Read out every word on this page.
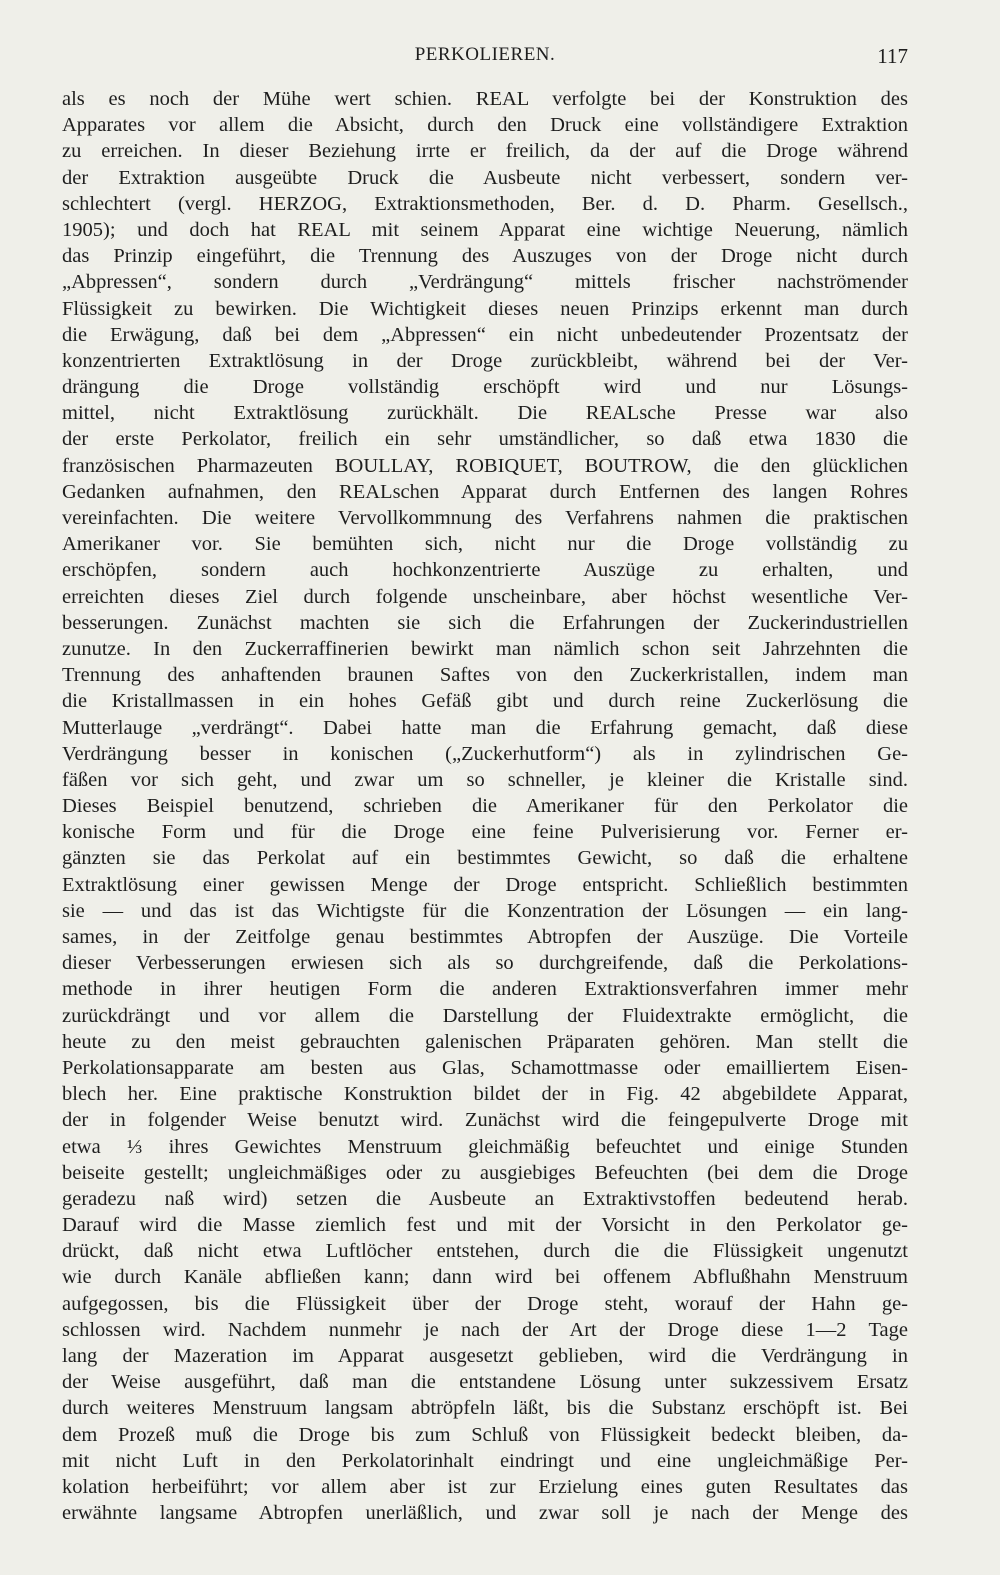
PERKOLIEREN.	117
als es noch der Mühe wert schien. REAL verfolgte bei der Konstruktion des
Apparates vor allem die Absicht, durch den Druck eine vollständigere Extraktion
zu erreichen. In dieser Beziehung irrte er freilich, da der auf die Droge während
der Extraktion ausgeübte Druck die Ausbeute nicht verbessert, sondern ver-
schlechtert (vergl. HERZOG, Extraktionsmethoden, Ber. d. D. Pharm. Gesellsch.,
1905); und doch hat REAL mit seinem Apparat eine wichtige Neuerung, nämlich
das Prinzip eingeführt, die Trennung des Auszuges von der Droge nicht durch
„Abpressen“, sondern durch „Verdrängung“ mittels frischer nachströmender
Flüssigkeit zu bewirken. Die Wichtigkeit dieses neuen Prinzips erkennt man durch
die Erwägung, daß bei dem „Abpressen“ ein nicht unbedeutender Prozentsatz der
konzentrierten Extraktlösung in der Droge zurückbleibt, während bei der Ver-
drängung die Droge vollständig erschöpft wird und nur Lösungs-
mittel, nicht Extraktlösung zurückhält. Die REALsche Presse war also
der erste Perkolator, freilich ein sehr umständlicher, so daß etwa 1830 die
französischen Pharmazeuten BOULLAY, ROBIQUET, BOUTROW, die den glücklichen
Gedanken aufnahmen, den REALschen Apparat durch Entfernen des langen Rohres
vereinfachten. Die weitere Vervollkommnung des Verfahrens nahmen die praktischen
Amerikaner vor. Sie bemühten sich, nicht nur die Droge vollständig zu
erschöpfen, sondern auch hochkonzentrierte Auszüge zu erhalten, und
erreichten dieses Ziel durch folgende unscheinbare, aber höchst wesentliche Ver-
besserungen. Zunächst machten sie sich die Erfahrungen der Zuckerindustriellen
zunutze. In den Zuckerraffinerien bewirkt man nämlich schon seit Jahrzehnten die
Trennung des anhaftenden braunen Saftes von den Zuckerkristallen, indem man
die Kristallmassen in ein hohes Gefäß gibt und durch reine Zuckerlösung die
Mutterlauge „verdrängt“. Dabei hatte man die Erfahrung gemacht, daß diese
Verdrängung besser in konischen („Zuckerhutform“) als in zylindrischen Ge-
fäßen vor sich geht, und zwar um so schneller, je kleiner die Kristalle sind.
Dieses Beispiel benutzend, schrieben die Amerikaner für den Perkolator die
konische Form und für die Droge eine feine Pulverisierung vor. Ferner er-
gänzten sie das Perkolat auf ein bestimmtes Gewicht, so daß die erhaltene
Extraktlösung einer gewissen Menge der Droge entspricht. Schließlich bestimmten
sie — und das ist das Wichtigste für die Konzentration der Lösungen — ein lang-
sames, in der Zeitfolge genau bestimmtes Abtropfen der Auszüge. Die Vorteile
dieser Verbesserungen erwiesen sich als so durchgreifende, daß die Perkolations-
methode in ihrer heutigen Form die anderen Extraktionsverfahren immer mehr
zurückdrängt und vor allem die Darstellung der Fluidextrakte ermöglicht, die
heute zu den meist gebrauchten galenischen Präparaten gehören. Man stellt die
Perkolationsapparate am besten aus Glas, Schamottmasse oder emailliertem Eisen-
blech her. Eine praktische Konstruktion bildet der in Fig. 42 abgebildete Apparat,
der in folgender Weise benutzt wird. Zunächst wird die feingepulverte Droge mit
etwa ⅓ ihres Gewichtes Menstruum gleichmäßig befeuchtet und einige Stunden
beiseite gestellt; ungleichmäßiges oder zu ausgiebiges Befeuchten (bei dem die Droge
geradezu naß wird) setzen die Ausbeute an Extraktivstoffen bedeutend herab.
Darauf wird die Masse ziemlich fest und mit der Vorsicht in den Perkolator ge-
drückt, daß nicht etwa Luftlöcher entstehen, durch die die Flüssigkeit ungenutzt
wie durch Kanäle abfließen kann; dann wird bei offenem Abflußhahn Menstruum
aufgegossen, bis die Flüssigkeit über der Droge steht, worauf der Hahn ge-
schlossen wird. Nachdem nunmehr je nach der Art der Droge diese 1—2 Tage
lang der Mazeration im Apparat ausgesetzt geblieben, wird die Verdrängung in
der Weise ausgeführt, daß man die entstandene Lösung unter sukzessivem Ersatz
durch weiteres Menstruum langsam abtröpfeln läßt, bis die Substanz erschöpft ist. Bei
dem Prozeß muß die Droge bis zum Schluß von Flüssigkeit bedeckt bleiben, da-
mit nicht Luft in den Perkolatorinhalt eindringt und eine ungleichmäßige Per-
kolation herbeiführt; vor allem aber ist zur Erzielung eines guten Resultates das
erwähnte langsame Abtropfen unerläßlich, und zwar soll je nach der Menge des
